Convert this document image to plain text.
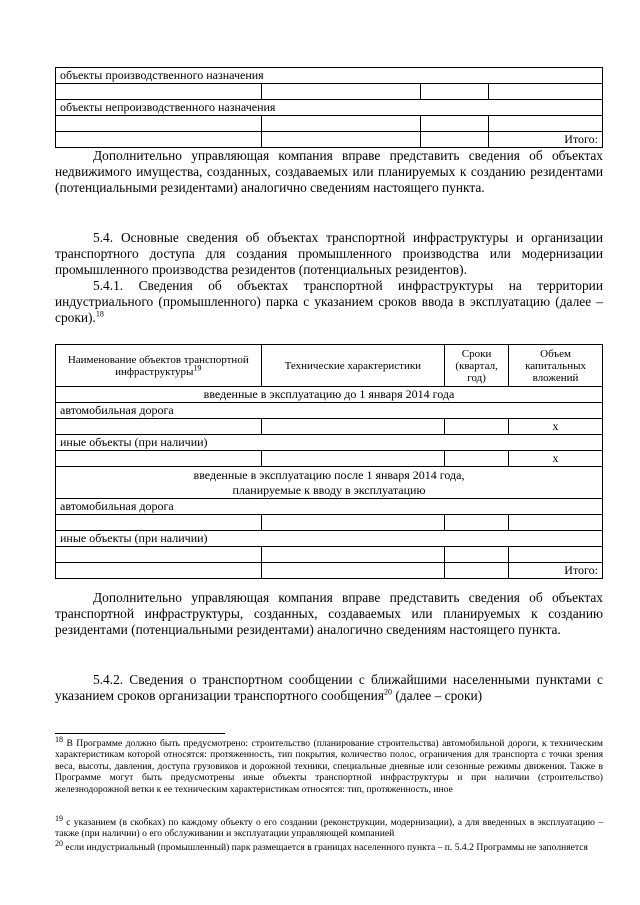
объекты производственного назначения			

объекты непроизводственного назначения			

			Итого:

Дополнительно управляющая компания вправе представить сведения об объектах недвижимого имущества, созданных, создаваемых или планируемых к созданию резидентами (потенциальными резидентами) аналогично сведениям настоящего пункта.

5.4. Основные сведения об объектах транспортной инфраструктуры и организации транспортного доступа для создания промышленного производства или модернизации промышленного производства резидентов (потенциальных резидентов).

5.4.1. Сведения об объектах транспортной инфраструктуры на территории индустриального (промышленного) парка с указанием сроков ввода в эксплуатацию (далее – сроки).$^{18}$

Наименование объектов транспортной инфраструктуры$^{19}$	Технические характеристики	Сроки (квартал, год)	Объем капитальных вложений
введенные в эксплуатацию до 1 января 2014 года			
автомобильная дорога			
			х
иные объекты (при наличии)			
			х
введенные в эксплуатацию после 1 января 2014 года,
планируемые к вводу в эксплуатацию			
автомобильная дорога			

иные объекты (при наличии)			

			Итого:

Дополнительно управляющая компания вправе представить сведения об объектах транспортной инфраструктуры, созданных, создаваемых или планируемых к созданию резидентами (потенциальными резидентами) аналогично сведениям настоящего пункта.

5.4.2. Сведения о транспортном сообщении с ближайшими населенными пунктами с указанием сроков организации транспортного сообщения$^{20}$ (далее – сроки)

$^{18}$ В Программе должно быть предусмотрено: строительство (планирование строительства) автомобильной дороги, к техническим характеристикам которой относятся: протяженность, тип покрытия, количество полос, ограничения для транспорта с точки зрения веса, высоты, давления, доступа грузовиков и дорожной техники, специальные дневные или сезонные режимы движения. Также в Программе могут быть предусмотрены иные объекты транспортной инфраструктуры и при наличии (строительство) железнодорожной ветки к ее техническим характеристикам относятся: тип, протяженность, иное

$^{19}$ с указанием (в скобках) по каждому объекту о его создании (реконструкции, модернизации), а для введенных в эксплуатацию – также (при наличии) о его обслуживании и эксплуатации управляющей компанией

$^{20}$ если индустриальный (промышленный) парк размещается в границах населенного пункта – п. 5.4.2 Программы не заполняется
